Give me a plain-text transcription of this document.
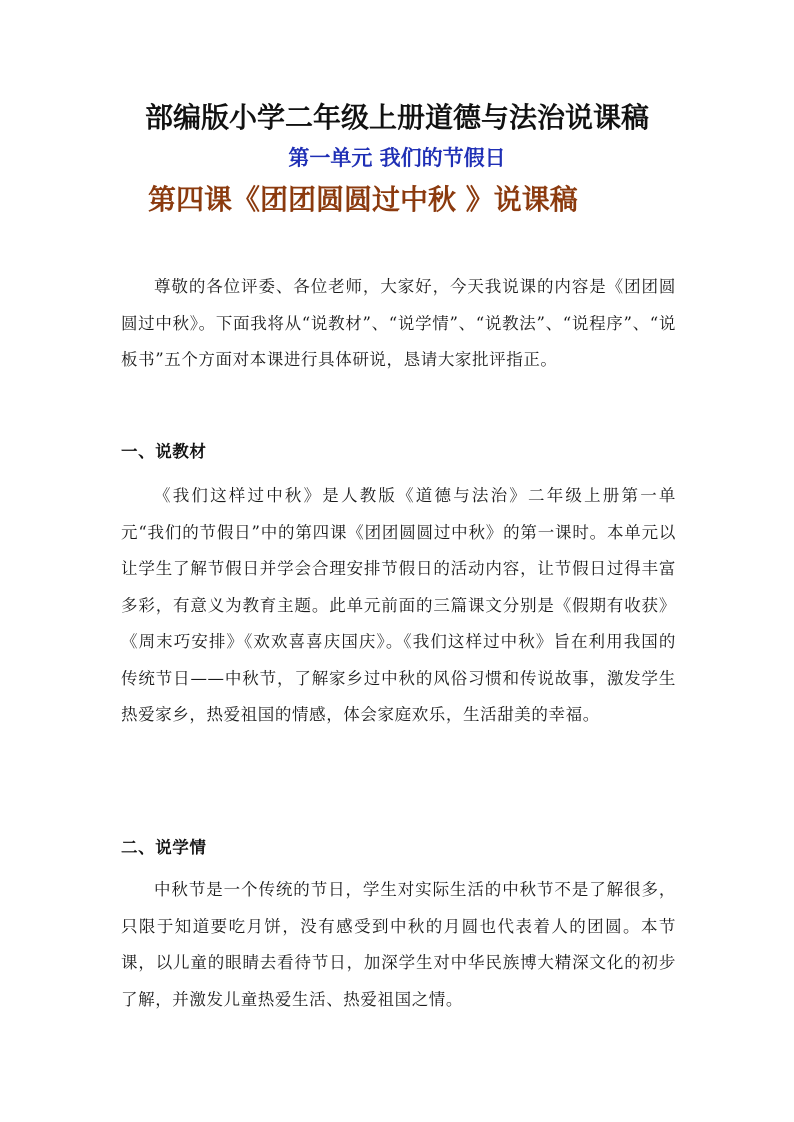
部编版小学二年级上册道德与法治说课稿
第一单元 我们的节假日
第四课《团团圆圆过中秋 》说课稿

尊敬的各位评委、各位老师，大家好，今天我说课的内容是《团团圆圆过中秋》。下面我将从“说教材”、“说学情”、“说教法”、“说程序”、“说板书”五个方面对本课进行具体研说，恳请大家批评指正。

一、说教材

《我们这样过中秋》是人教版《道德与法治》二年级上册第一单元“我们的节假日”中的第四课《团团圆圆过中秋》的第一课时。本单元以让学生了解节假日并学会合理安排节假日的活动内容，让节假日过得丰富多彩，有意义为教育主题。此单元前面的三篇课文分别是《假期有收获》《周末巧安排》《欢欢喜喜庆国庆》。《我们这样过中秋》旨在利用我国的传统节日——中秋节，了解家乡过中秋的风俗习惯和传说故事，激发学生热爱家乡，热爱祖国的情感，体会家庭欢乐，生活甜美的幸福。

二、说学情

中秋节是一个传统的节日，学生对实际生活的中秋节不是了解很多，只限于知道要吃月饼，没有感受到中秋的月圆也代表着人的团圆。本节课，以儿童的眼睛去看待节日，加深学生对中华民族博大精深文化的初步了解，并激发儿童热爱生活、热爱祖国之情。
